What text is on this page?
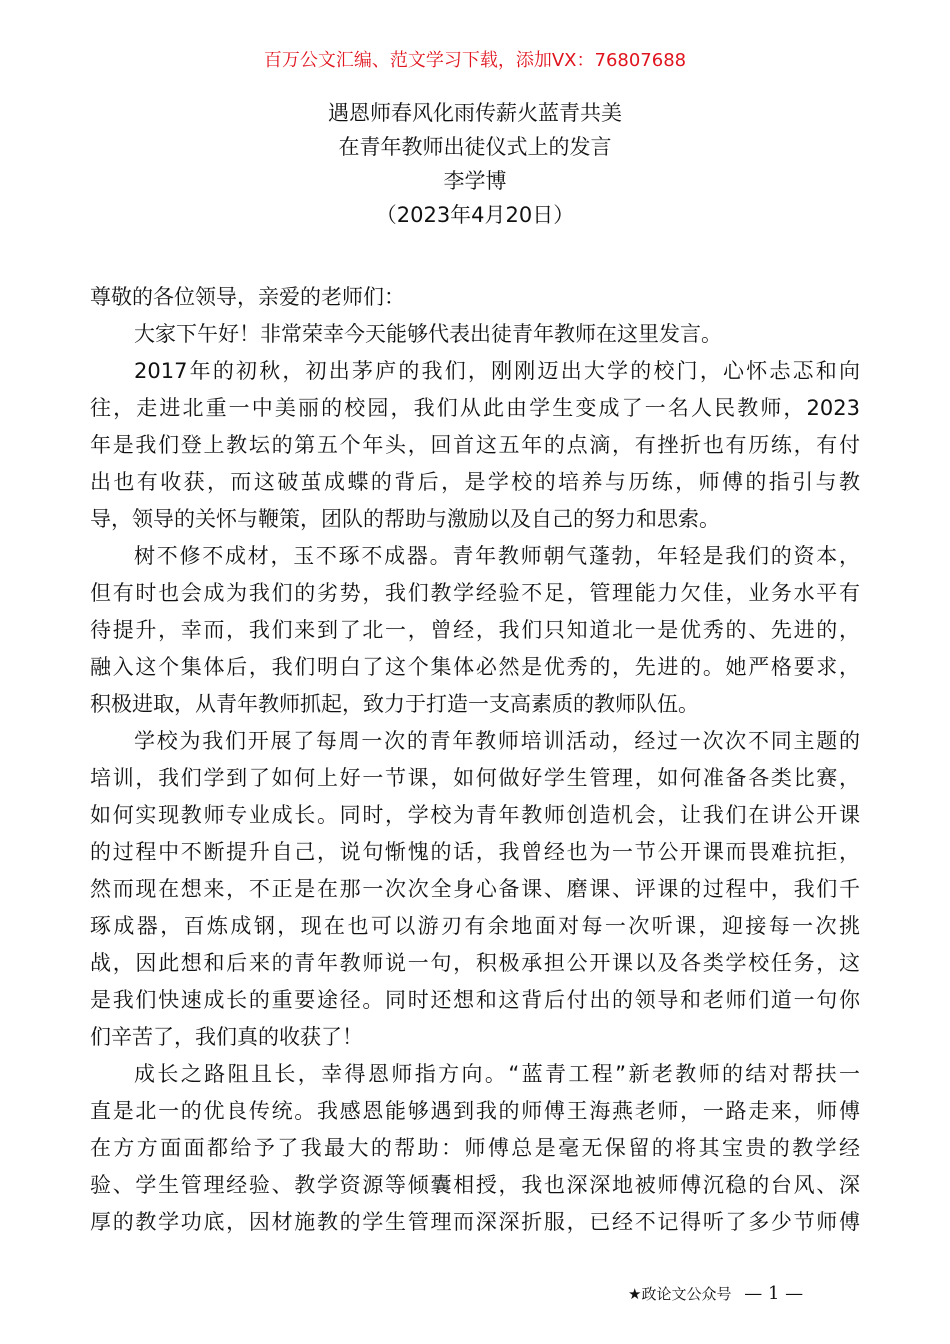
百万公文汇编、范文学习下载，添加VX：76807688
遇恩师春风化雨传薪火蓝青共美
在青年教师出徒仪式上的发言
李学博
（2023年4月20日）
尊敬的各位领导，亲爱的老师们：
大家下午好！非常荣幸今天能够代表出徒青年教师在这里发言。
2017年的初秋，初出茅庐的我们，刚刚迈出大学的校门，心怀忐忑和向
往，走进北重一中美丽的校园，我们从此由学生变成了一名人民教师，2023
年是我们登上教坛的第五个年头，回首这五年的点滴，有挫折也有历练，有付
出也有收获，而这破茧成蝶的背后，是学校的培养与历练，师傅的指引与教
导，领导的关怀与鞭策，团队的帮助与激励以及自己的努力和思索。
树不修不成材，玉不琢不成器。青年教师朝气蓬勃，年轻是我们的资本，
但有时也会成为我们的劣势，我们教学经验不足，管理能力欠佳，业务水平有
待提升，幸而，我们来到了北一，曾经，我们只知道北一是优秀的、先进的，
融入这个集体后，我们明白了这个集体必然是优秀的，先进的。她严格要求，
积极进取，从青年教师抓起，致力于打造一支高素质的教师队伍。
学校为我们开展了每周一次的青年教师培训活动，经过一次次不同主题的
培训，我们学到了如何上好一节课，如何做好学生管理，如何准备各类比赛，
如何实现教师专业成长。同时，学校为青年教师创造机会，让我们在讲公开课
的过程中不断提升自己，说句惭愧的话，我曾经也为一节公开课而畏难抗拒，
然而现在想来，不正是在那一次次全身心备课、磨课、评课的过程中，我们千
琢成器，百炼成钢，现在也可以游刃有余地面对每一次听课，迎接每一次挑
战，因此想和后来的青年教师说一句，积极承担公开课以及各类学校任务，这
是我们快速成长的重要途径。同时还想和这背后付出的领导和老师们道一句你
们辛苦了，我们真的收获了！
成长之路阻且长，幸得恩师指方向。“蓝青工程”新老教师的结对帮扶一
直是北一的优良传统。我感恩能够遇到我的师傅王海燕老师，一路走来，师傅
在方方面面都给予了我最大的帮助：师傅总是毫无保留的将其宝贵的教学经
验、学生管理经验、教学资源等倾囊相授，我也深深地被师傅沉稳的台风、深
厚的教学功底，因材施教的学生管理而深深折服，已经不记得听了多少节师傅
★政论文公众号 — 1 —
